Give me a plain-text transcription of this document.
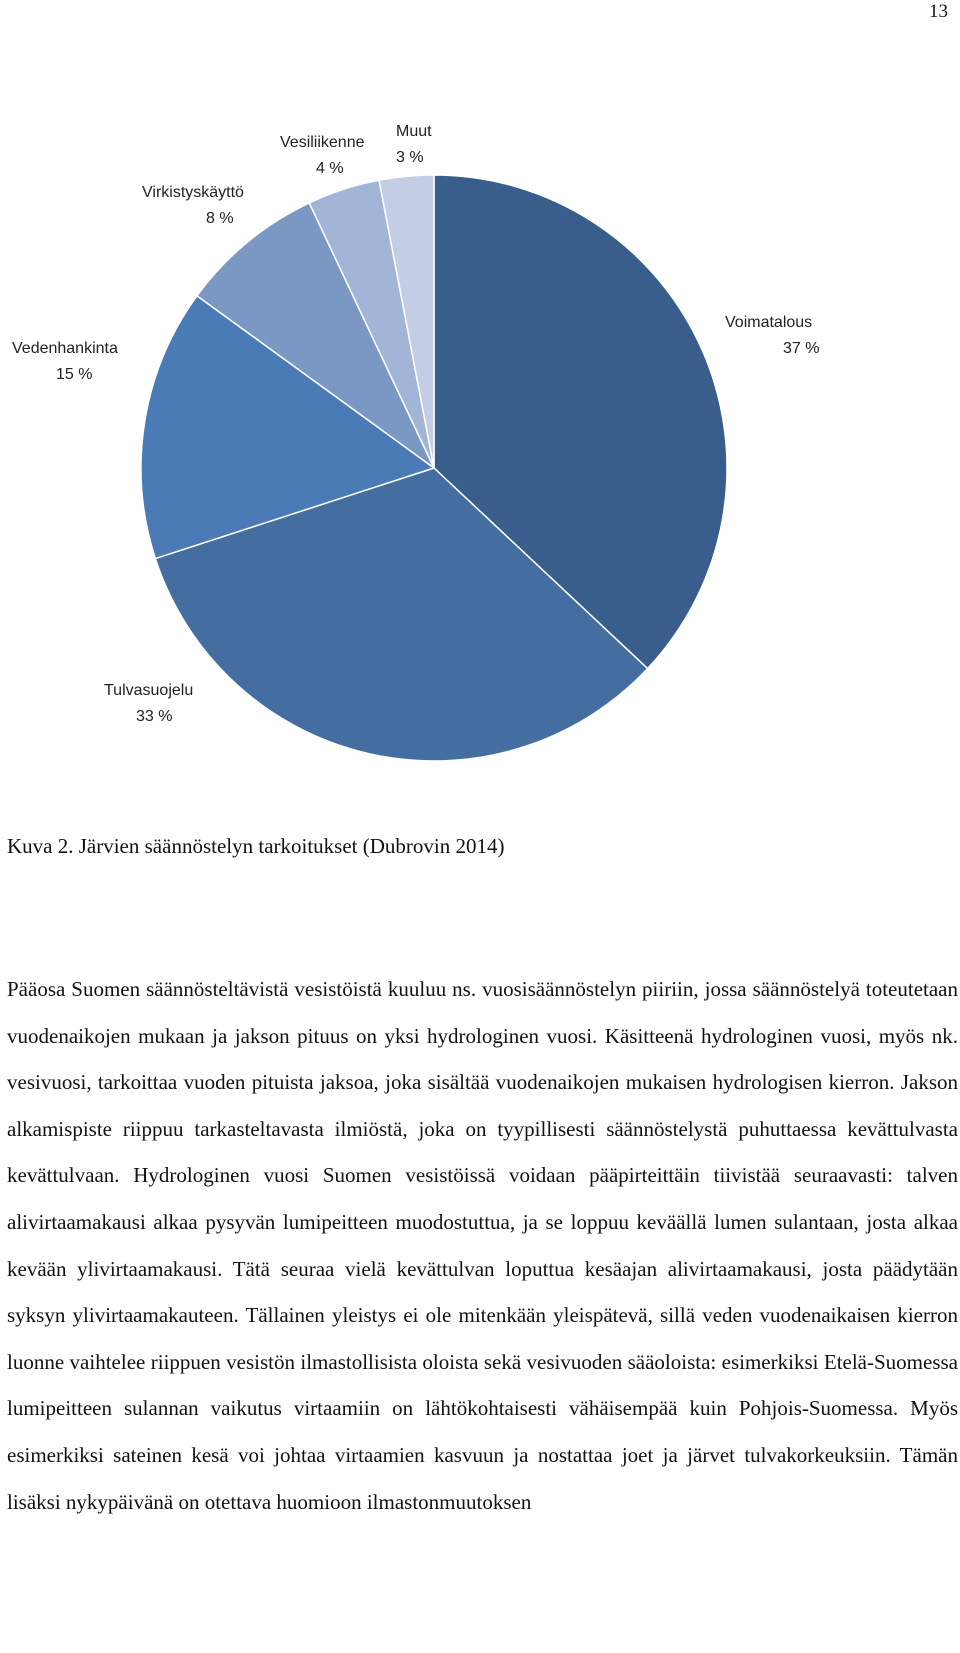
13
Voimatalous
37 %
Tulvasuojelu
33 %
Vedenhankinta
15 %
Virkistyskäyttö
8 %
Vesiliikenne
4 %
Muut
3 %
Kuva 2. Järvien säännöstelyn tarkoitukset (Dubrovin 2014)

Pääosa Suomen säännösteltävistä vesistöistä kuuluu ns. vuosisäännöstelyn piiriin, jossa säännöstelyä toteutetaan vuodenaikojen mukaan ja jakson pituus on yksi hydrologinen vuosi. Käsitteenä hydrologinen vuosi, myös nk. vesivuosi, tarkoittaa vuoden pituista jaksoa, joka sisältää vuodenaikojen mukaisen hydrologisen kierron. Jakson alkamispiste riippuu tarkasteltavasta ilmiöstä, joka on tyypillisesti säännöstelystä puhuttaessa kevättulvasta kevättulvaan. Hydrologinen vuosi Suomen vesistöissä voidaan pääpirteittäin tiivistää seuraavasti: talven alivirtaamakausi alkaa pysyvän lumipeitteen muodostuttua, ja se loppuu keväällä lumen sulantaan, josta alkaa kevään ylivirtaamakausi. Tätä seuraa vielä kevättulvan loputtua kesäajan alivirtaamakausi, josta päädytään syksyn ylivirtaamakauteen. Tällainen yleistys ei ole mitenkään yleispätevä, sillä veden vuodenaikaisen kierron luonne vaihtelee riippuen vesistön ilmastollisista oloista sekä vesivuoden sääoloista: esimerkiksi Etelä-Suomessa lumipeitteen sulannan vaikutus virtaamiin on lähtökohtaisesti vähäisempää kuin Pohjois-Suomessa. Myös esimerkiksi sateinen kesä voi johtaa virtaamien kasvuun ja nostattaa joet ja järvet tulvakorkeuksiin. Tämän lisäksi nykypäivänä on otettava huomioon ilmastonmuutoksen
